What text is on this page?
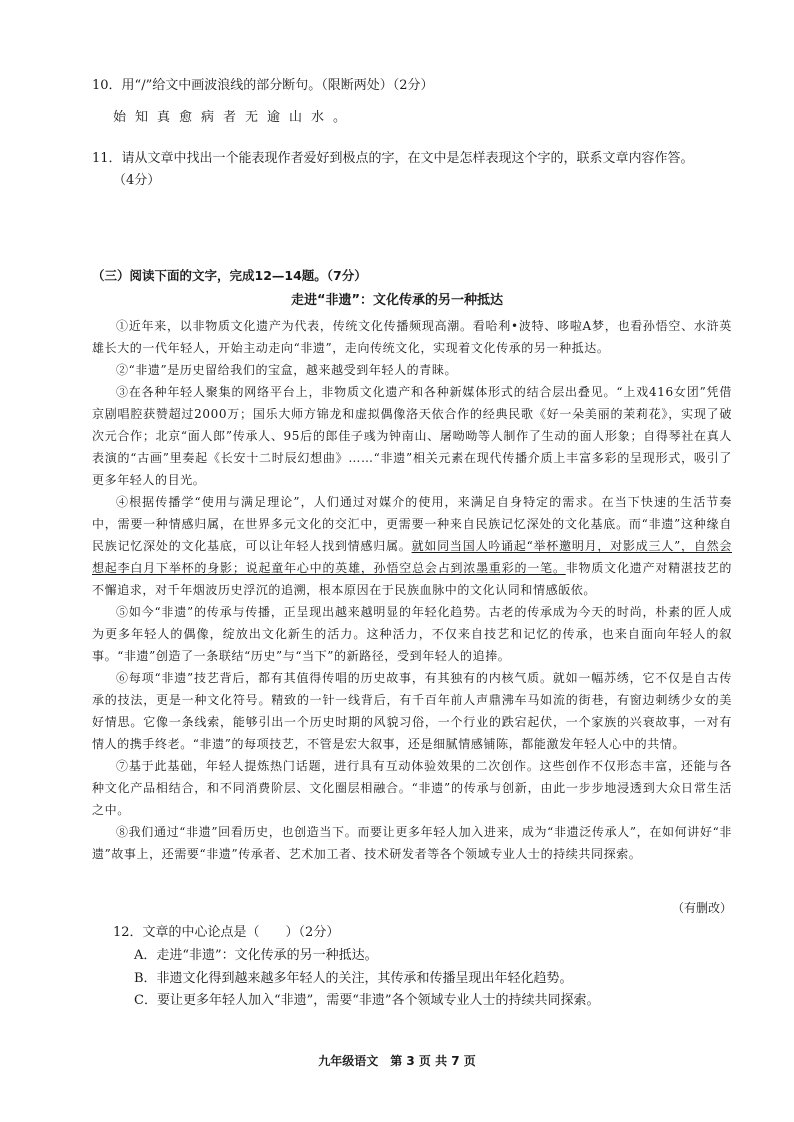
10．用“/”给文中画波浪线的部分断句。（限断两处）（2分）
始知真愈病者无逾山水。
11．请从文章中找出一个能表现作者爱好到极点的字，在文中是怎样表现这个字的，联系文章内容作答。
（4分）
（三）阅读下面的文字，完成12—14题。（7分）
走进“非遗”：文化传承的另一种抵达

①近年来，以非物质文化遗产为代表，传统文化传播频现高潮。看哈利•波特、哆啦A梦，也看孙悟空、水浒英雄长大的一代年轻人，开始主动走向“非遗”，走向传统文化，实现着文化传承的另一种抵达。

②“非遗”是历史留给我们的宝盒，越来越受到年轻人的青睐。

③在各种年轻人聚集的网络平台上，非物质文化遗产和各种新媒体形式的结合层出叠见。“上戏416女团”凭借京剧唱腔获赞超过2000万；国乐大师方锦龙和虚拟偶像洛天依合作的经典民歌《好一朵美丽的茉莉花》，实现了破次元合作；北京“面人郎”传承人、95后的郎佳子彧为钟南山、屠呦呦等人制作了生动的面人形象；自得琴社在真人表演的“古画”里奏起《长安十二时辰幻想曲》……“非遗”相关元素在现代传播介质上丰富多彩的呈现形式，吸引了更多年轻人的目光。

④根据传播学“使用与满足理论”，人们通过对媒介的使用，来满足自身特定的需求。在当下快速的生活节奏中，需要一种情感归属，在世界多元文化的交汇中，更需要一种来自民族记忆深处的文化基底。而“非遗”这种缘自民族记忆深处的文化基底，可以让年轻人找到情感归属。就如同当国人吟诵起“举杯邀明月，对影成三人”，自然会想起李白月下举杯的身影；说起童年心中的英雄，孙悟空总会占到浓墨重彩的一笔。非物质文化遗产对精湛技艺的不懈追求，对千年烟波历史浮沉的追溯，根本原因在于民族血脉中的文化认同和情感皈依。

⑤如今“非遗”的传承与传播，正呈现出越来越明显的年轻化趋势。古老的传承成为今天的时尚，朴素的匠人成为更多年轻人的偶像，绽放出文化新生的活力。这种活力，不仅来自技艺和记忆的传承，也来自面向年轻人的叙事。“非遗”创造了一条联结“历史”与“当下”的新路径，受到年轻人的追捧。

⑥每项“非遗”技艺背后，都有其值得传唱的历史故事，有其独有的内核气质。就如一幅苏绣，它不仅是自古传承的技法，更是一种文化符号。精致的一针一线背后，有千百年前人声鼎沸车马如流的街巷，有窗边刺绣少女的美好情思。它像一条线索，能够引出一个历史时期的风貌习俗，一个行业的跌宕起伏，一个家族的兴衰故事，一对有情人的携手终老。“非遗”的每项技艺，不管是宏大叙事，还是细腻情感铺陈，都能激发年轻人心中的共情。

⑦基于此基础，年轻人提炼热门话题，进行具有互动体验效果的二次创作。这些创作不仅形态丰富，还能与各种文化产品相结合，和不同消费阶层、文化圈层相融合。“非遗”的传承与创新，由此一步步地浸透到大众日常生活之中。

⑧我们通过“非遗”回看历史，也创造当下。而要让更多年轻人加入进来，成为“非遗泛传承人”，在如何讲好“非遗”故事上，还需要“非遗”传承者、艺术加工者、技术研发者等各个领域专业人士的持续共同探索。

（有删改）
12．文章的中心论点是（　　）（2分）
A．走进“非遗”：文化传承的另一种抵达。
B．非遗文化得到越来越多年轻人的关注，其传承和传播呈现出年轻化趋势。
C．要让更多年轻人加入“非遗”，需要“非遗”各个领域专业人士的持续共同探索。
九年级语文　第 3 页 共 7 页
